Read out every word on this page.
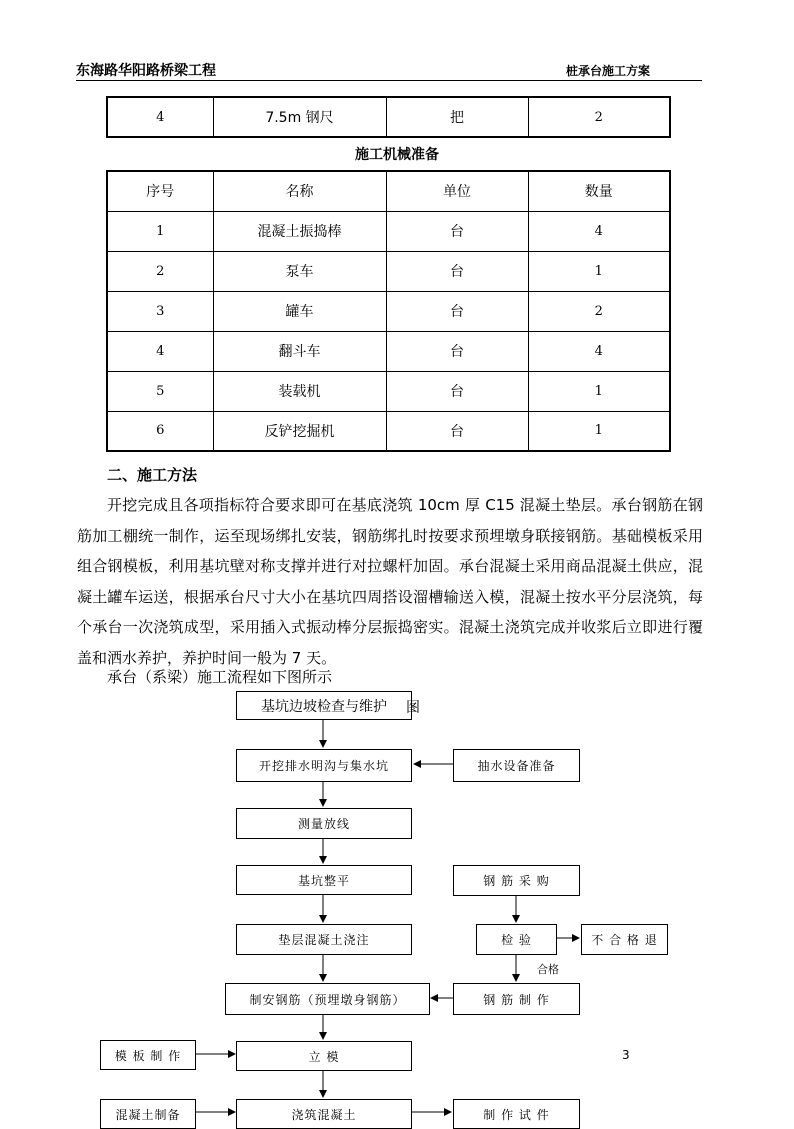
东海路华阳路桥梁工程	桩承台施工方案
4	7.5m 钢尺	把	2
施工机械准备
序号	名称	单位	数量
1	混凝土振捣棒	台	4
2	泵车	台	1
3	罐车	台	2
4	翻斗车	台	4
5	装载机	台	1
6	反铲挖掘机	台	1
二、施工方法
开挖完成且各项指标符合要求即可在基底浇筑 10cm 厚 C15 混凝土垫层。承台钢筋在钢筋加工棚统一制作，运至现场绑扎安装，钢筋绑扎时按要求预埋墩身联接钢筋。基础模板采用组合钢模板，利用基坑壁对称支撑并进行对拉螺杆加固。承台混凝土采用商品混凝土供应，混凝土罐车运送，根据承台尺寸大小在基坑四周搭设溜槽输送入模，混凝土按水平分层浇筑，每个承台一次浇筑成型，采用插入式振动棒分层振捣密实。混凝土浇筑完成并收浆后立即进行覆盖和洒水养护，养护时间一般为 7 天。
承台（系梁）施工流程如下图所示
基坑边坡检查与维护	图
开挖排水明沟与集水坑	抽水设备准备
测量放线
基坑整平	钢 筋 采 购
垫层混凝土浇注	检 验	不 合 格 退
合格
制安钢筋（预埋墩身钢筋）	钢 筋 制 作
模 板 制 作	立 模	3
混凝土制备	浇筑混凝土	制 作 试 件
